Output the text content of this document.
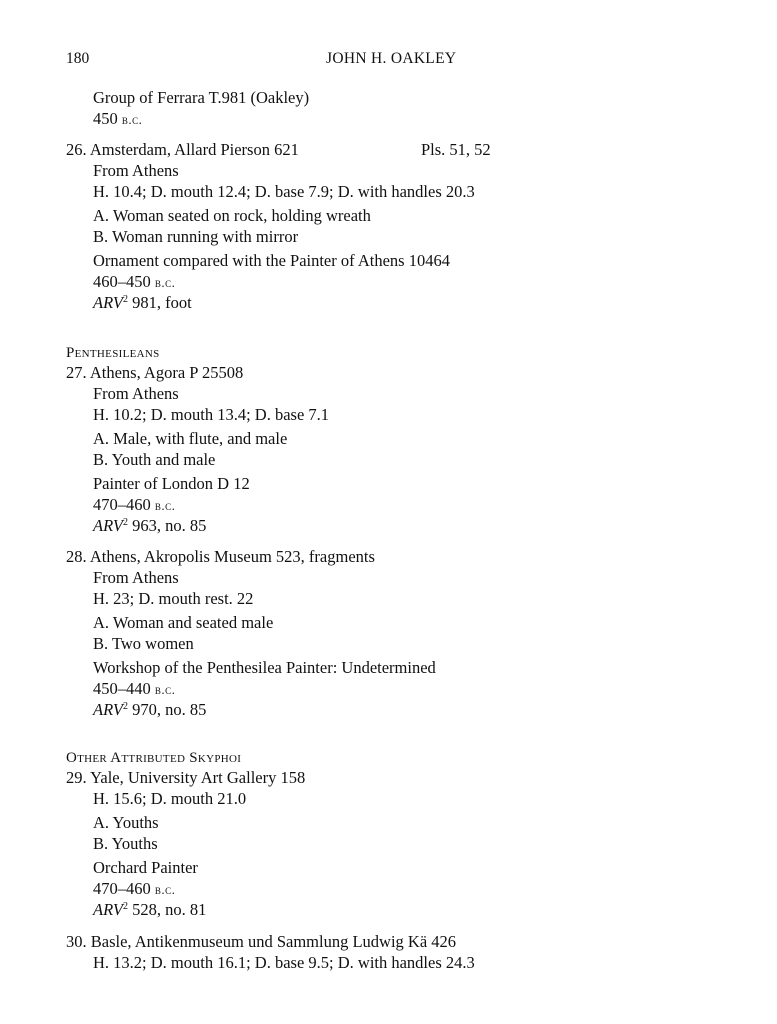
180	JOHN H. OAKLEY
Group of Ferrara T.981 (Oakley)
450 b.c.
26. Amsterdam, Allard Pierson 621	Pls. 51, 52
From Athens
H. 10.4; D. mouth 12.4; D. base 7.9; D. with handles 20.3
A. Woman seated on rock, holding wreath
B. Woman running with mirror
Ornament compared with the Painter of Athens 10464
460–450 b.c.
ARV$^2$ 981, foot
Penthesileans
27. Athens, Agora P 25508
From Athens
H. 10.2; D. mouth 13.4; D. base 7.1
A. Male, with flute, and male
B. Youth and male
Painter of London D 12
470–460 b.c.
ARV$^2$ 963, no. 85
28. Athens, Akropolis Museum 523, fragments
From Athens
H. 23; D. mouth rest. 22
A. Woman and seated male
B. Two women
Workshop of the Penthesilea Painter: Undetermined
450–440 b.c.
ARV$^2$ 970, no. 85
Other Attributed Skyphoi
29. Yale, University Art Gallery 158
H. 15.6; D. mouth 21.0
A. Youths
B. Youths
Orchard Painter
470–460 b.c.
ARV$^2$ 528, no. 81
30. Basle, Antikenmuseum und Sammlung Ludwig Kä 426
H. 13.2; D. mouth 16.1; D. base 9.5; D. with handles 24.3
